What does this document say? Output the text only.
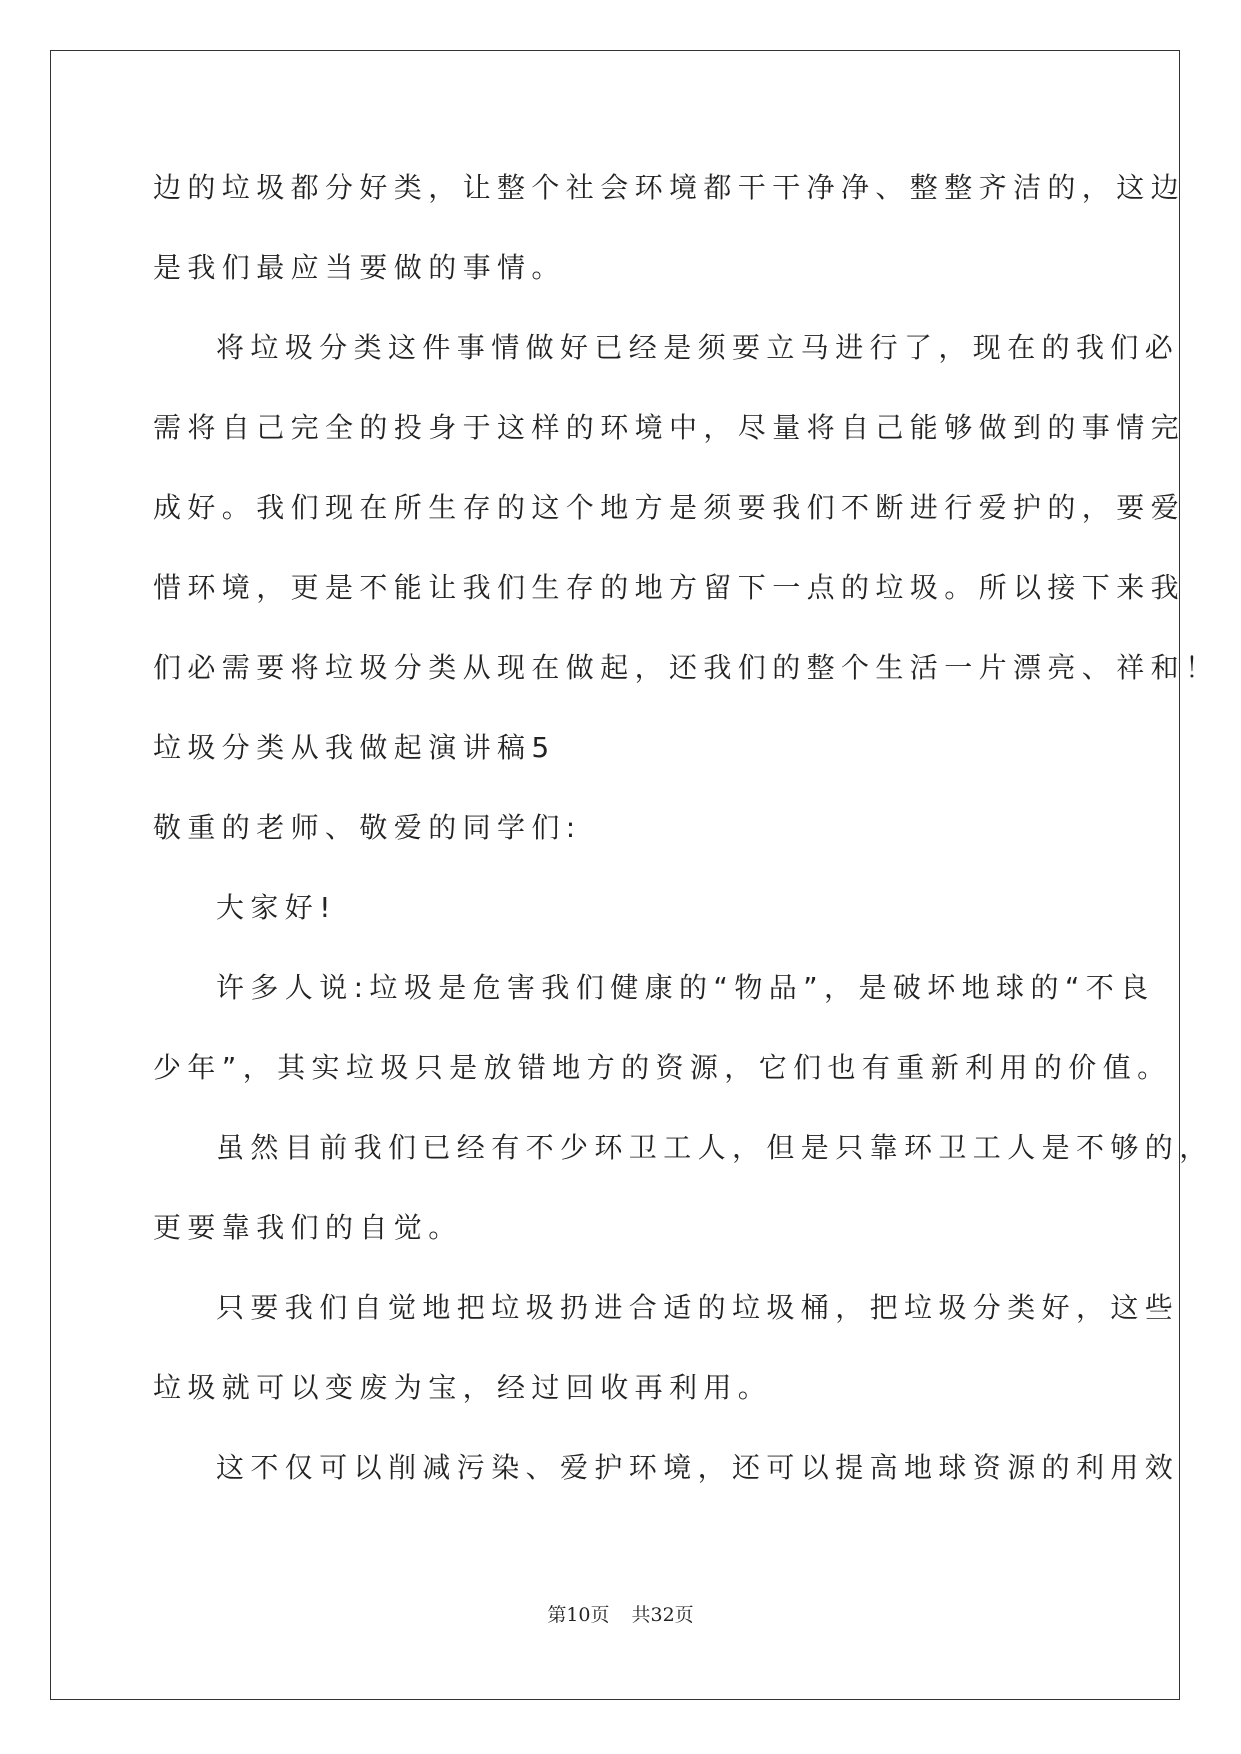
边的垃圾都分好类，让整个社会环境都干干净净、整整齐洁的，这边
是我们最应当要做的事情。
将垃圾分类这件事情做好已经是须要立马进行了，现在的我们必
需将自己完全的投身于这样的环境中，尽量将自己能够做到的事情完
成好。我们现在所生存的这个地方是须要我们不断进行爱护的，要爱
惜环境，更是不能让我们生存的地方留下一点的垃圾。所以接下来我
们必需要将垃圾分类从现在做起，还我们的整个生活一片漂亮、祥和！
垃圾分类从我做起演讲稿5
敬重的老师、敬爱的同学们:
大家好!
许多人说:垃圾是危害我们健康的“物品”，是破坏地球的“不良
少年”，其实垃圾只是放错地方的资源，它们也有重新利用的价值。
虽然目前我们已经有不少环卫工人，但是只靠环卫工人是不够的，
更要靠我们的自觉。
只要我们自觉地把垃圾扔进合适的垃圾桶，把垃圾分类好，这些
垃圾就可以变废为宝，经过回收再利用。
这不仅可以削减污染、爱护环境，还可以提高地球资源的利用效
第10页 共32页
